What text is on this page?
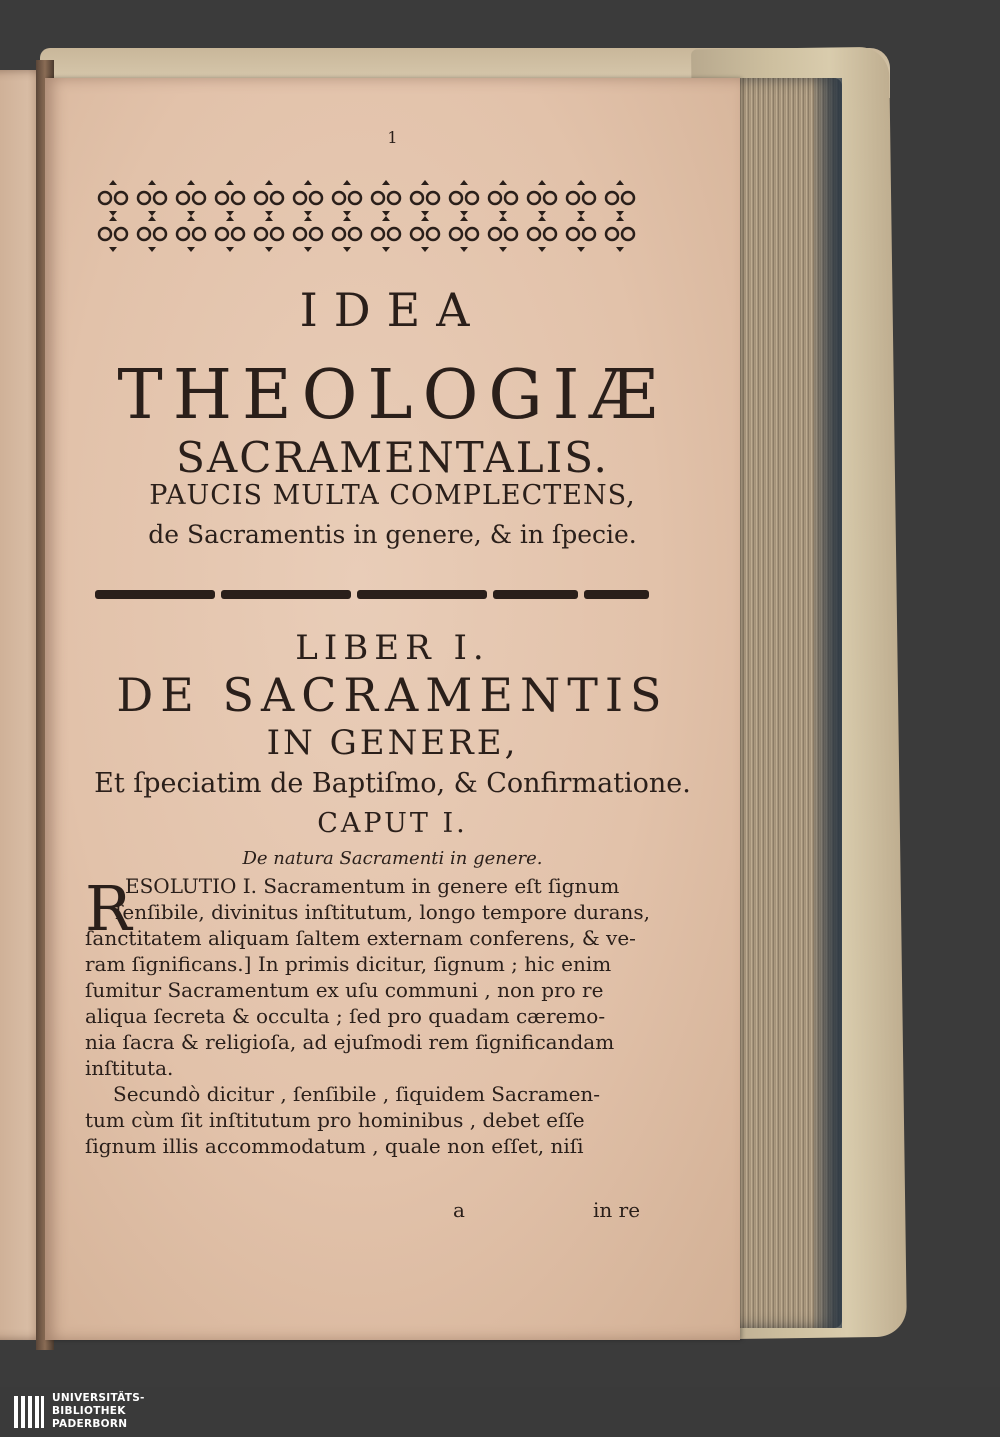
1
IDEA
THEOLOGIÆ
SACRAMENTALIS.
PAUCIS MULTA COMPLECTENS,
de Sacramentis in genere, & in ſpecie.
LIBER I.
DE SACRAMENTIS
IN GENERE,
Et ſpeciatim de Baptiſmo, & Confirmatione.
CAPUT I.
De natura Sacramenti in genere.
R
ESOLUTIO I. Sacramentum in genere eſt ſignum
ſenſibile, divinitus inſtitutum, longo tempore durans,
ſanctitatem aliquam ſaltem externam conferens, & ve-
ram ſignificans.] In primis dicitur, ſignum ; hic enim
ſumitur Sacramentum ex uſu communi , non pro re
aliqua ſecreta & occulta ; ſed pro quadam cæremo-
nia ſacra & religioſa, ad ejuſmodi rem ſignificandam
inſtituta.
Secundò dicitur , ſenſibile , ſiquidem Sacramen-
tum cùm ſit inſtitutum pro hominibus , debet eſſe
ſignum illis accommodatum , quale non eſſet, niſi
a	in re
UNIVERSITÄTS-
BIBLIOTHEK
PADERBORN
